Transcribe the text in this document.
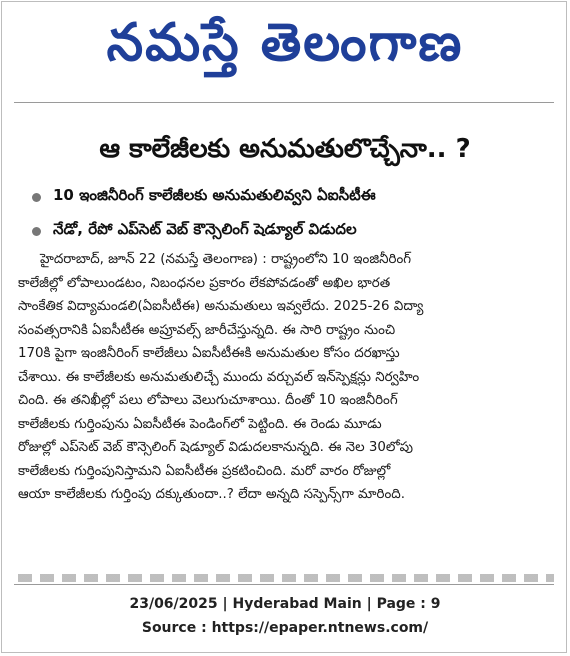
నమస్తే తెలంగాణ
ఆ కాలేజీలకు అనుమతులొచ్చేనా.. ?
10 ఇంజినీరింగ్ కాలేజీలకు అనుమతులివ్వని ఏఐసీటీఈ
నేడో, రేపో ఎప్‌సెట్ వెబ్ కౌన్సెలింగ్ షెడ్యూల్ విడుదల
హైదరాబాద్, జూన్ 22 (నమస్తే తెలంగాణ) : రాష్ట్రంలోని 10 ఇంజినీరింగ్
కాలేజీల్లో లోపాలుండటం, నిబంధనల ప్రకారం లేకపోవడంతో అఖిల భారత
సాంకేతిక విద్యామండలి(ఏఐసీటీఈ) అనుమతులు ఇవ్వలేదు. 2025-26 విద్యా
సంవత్సరానికి ఏఐసీటీఈ అప్రూవల్స్ జారీచేస్తున్నది. ఈ సారి రాష్ట్రం నుంచి
170కి పైగా ఇంజినీరింగ్ కాలేజీలు ఏఐసీటీఈకి అనుమతుల కోసం దరఖాస్తు
చేశాయి. ఈ కాలేజీలకు అనుమతులిచ్చే ముందు వర్చువల్ ఇన్‌స్పెక్షన్లు నిర్వహిం
చింది. ఈ తనిఖీల్లో పలు లోపాలు వెలుగుచూశాయి. దీంతో 10 ఇంజినీరింగ్
కాలేజీలకు గుర్తింపును ఏఐసీటీఈ పెండింగ్‌లో పెట్టింది. ఈ రెండు మూడు
రోజుల్లో ఎప్‌సెట్ వెబ్ కౌన్సెలింగ్ షెడ్యూల్ విడుదలకానున్నది. ఈ నెల 30లోపు
కాలేజీలకు గుర్తింపునిస్తామని ఏఐసీటీఈ ప్రకటించింది. మరో వారం రోజుల్లో
ఆయా కాలేజీలకు గుర్తింపు దక్కుతుందా..? లేదా అన్నది సస్పెన్స్‌గా మారింది.
23/06/2025 | Hyderabad Main | Page : 9
Source : https://epaper.ntnews.com/
